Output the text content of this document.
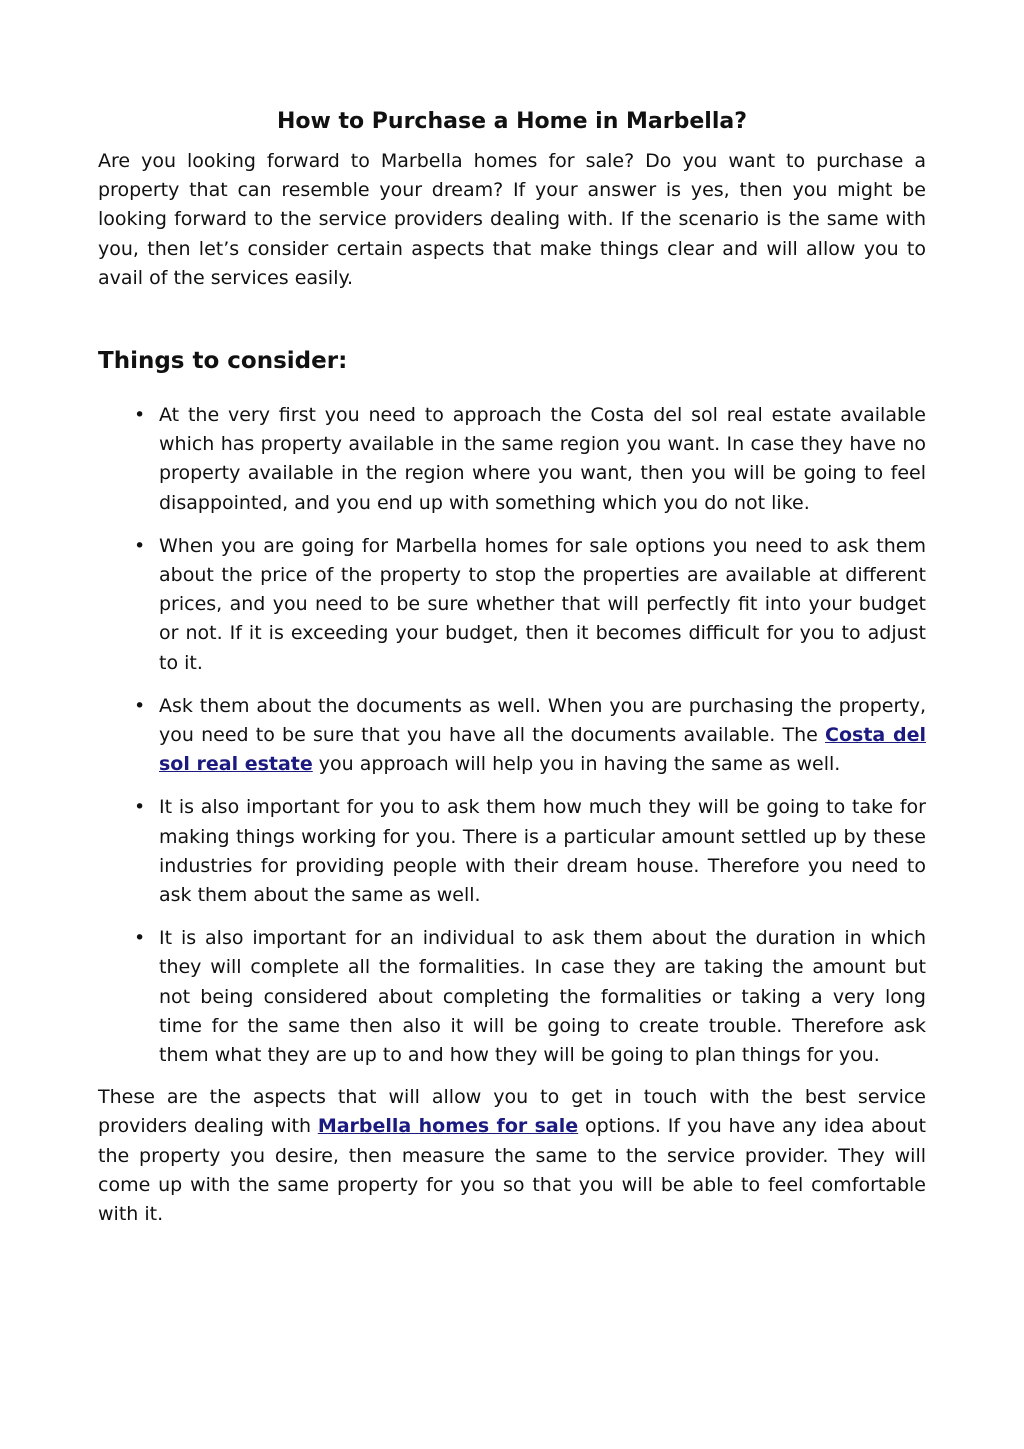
How to Purchase a Home in Marbella?

Are you looking forward to Marbella homes for sale? Do you want to purchase a property that can resemble your dream? If your answer is yes, then you might be looking forward to the service providers dealing with. If the scenario is the same with you, then let’s consider certain aspects that make things clear and will allow you to avail of the services easily.

Things to consider:
• At the very first you need to approach the Costa del sol real estate available which has property available in the same region you want. In case they have no property available in the region where you want, then you will be going to feel disappointed, and you end up with something which you do not like.
• When you are going for Marbella homes for sale options you need to ask them about the price of the property to stop the properties are available at different prices, and you need to be sure whether that will perfectly fit into your budget or not. If it is exceeding your budget, then it becomes difficult for you to adjust to it.
• Ask them about the documents as well. When you are purchasing the property, you need to be sure that you have all the documents available. The Costa del sol real estate you approach will help you in having the same as well.
• It is also important for you to ask them how much they will be going to take for making things working for you. There is a particular amount settled up by these industries for providing people with their dream house. Therefore you need to ask them about the same as well.
• It is also important for an individual to ask them about the duration in which they will complete all the formalities. In case they are taking the amount but not being considered about completing the formalities or taking a very long time for the same then also it will be going to create trouble. Therefore ask them what they are up to and how they will be going to plan things for you.

These are the aspects that will allow you to get in touch with the best service providers dealing with Marbella homes for sale options. If you have any idea about the property you desire, then measure the same to the service provider. They will come up with the same property for you so that you will be able to feel comfortable with it.
